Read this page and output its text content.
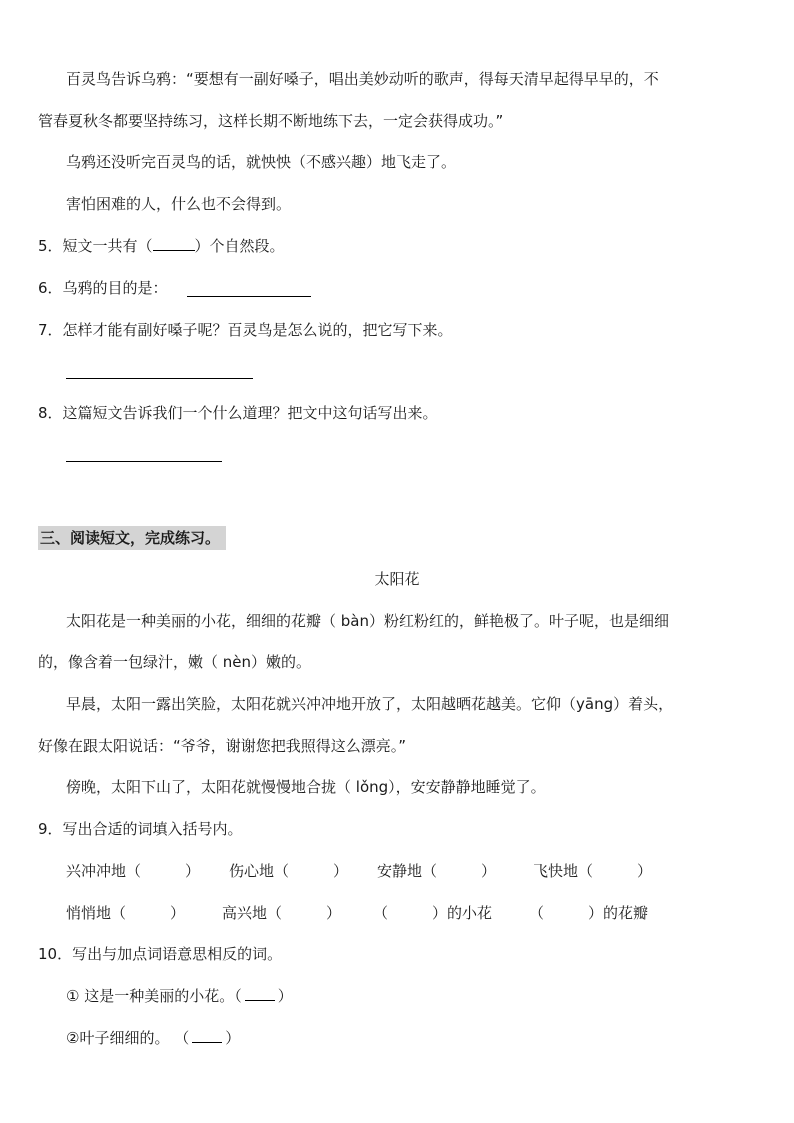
百灵鸟告诉乌鸦：“要想有一副好嗓子，唱出美妙动听的歌声，得每天清早起得早早的，不
管春夏秋冬都要坚持练习，这样长期不断地练下去，一定会获得成功。”
乌鸦还没听完百灵鸟的话，就怏怏（不感兴趣）地飞走了。
害怕困难的人，什么也不会得到。
5．短文一共有（	）个自然段。
6．乌鸦的目的是：
7．怎样才能有副好嗓子呢？百灵鸟是怎么说的，把它写下来。
8．这篇短文告诉我们一个什么道理？把文中这句话写出来。
三、阅读短文，完成练习。
太阳花
太阳花是一种美丽的小花，细细的花瓣（ bàn）粉红粉红的，鲜艳极了。叶子呢，也是细细
的，像含着一包绿汁，嫩（ nèn）嫩的。
早晨，太阳一露出笑脸，太阳花就兴冲冲地开放了，太阳越晒花越美。它仰（yāng）着头，
好像在跟太阳说话：“爷爷，谢谢您把我照得这么漂亮。”
傍晚，太阳下山了，太阳花就慢慢地合拢（ lǒng），安安静静地睡觉了。
9．写出合适的词填入括号内。
兴冲冲地（	） 伤心地（	） 安静地（	） 飞快地（	）
悄悄地（	） 高兴地（	） （	）的小花 （	）的花瓣
10．写出与加点词语意思相反的词。
① 这是一种美丽的小花。（ ）
②叶子细细的。 （ ）
